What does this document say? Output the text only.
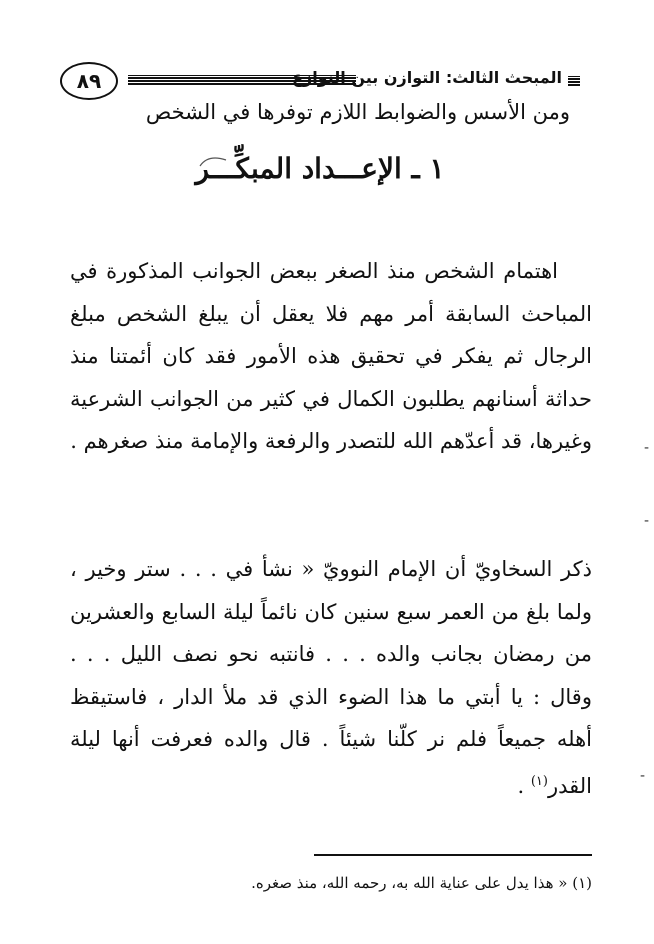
٨٩	المبحث الثالث: التوازن بين النوازع
ومن الأسس والضوابط اللازم توفرها في الشخص
١ ـ الإعـــداد المبكِّـــر
اهتمام الشخص منذ الصغر ببعض الجوانب المذكورة في المباحث السابقة أمر مهم فلا يعقل أن يبلغ الشخص مبلغ الرجال ثم يفكر في تحقيق هذه الأمور فقد كان أئمتنا منذ حداثة أسنانهم يطلبون الكمال في كثير من الجوانب الشرعية وغيرها، قد أعدّهم الله للتصدر والرفعة والإمامة منذ صغرهم .
ذكر السخاويّ أن الإمام النوويّ « نشأ في . . . ستر وخير ، ولما بلغ من العمر سبع سنين كان نائماً ليلة السابع والعشرين من رمضان بجانب والده . . . فانتبه نحو نصف الليل . . . وقال : يا أبتي ما هذا الضوء الذي قد ملأ الدار ، فاستيقظ أهله جميعاً فلم نر كلّنا شيئاً . قال والده فعرفت أنها ليلة القدر$^{(١)}$ .
(١) « هذا يدل على عناية الله به، رحمه الله، منذ صغره.
-
-
-
